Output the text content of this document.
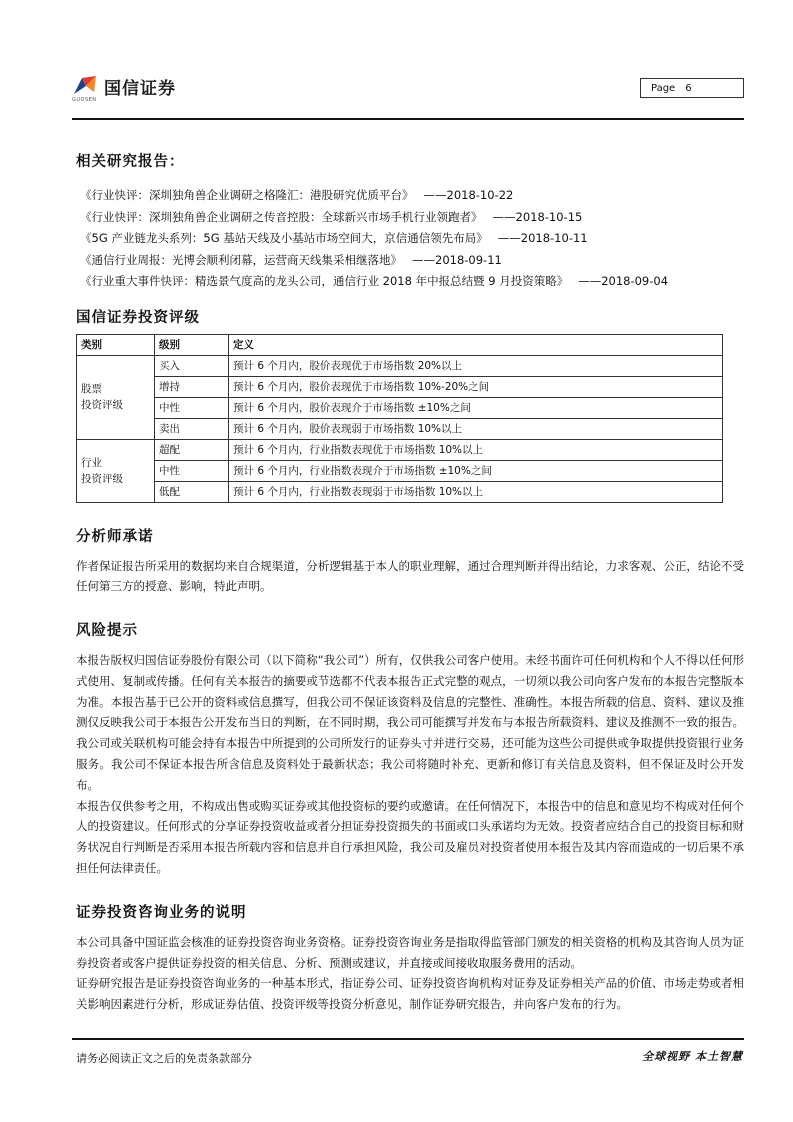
国信证券
GUOSEN
Page 6
相关研究报告：
《行业快评：深圳独角兽企业调研之格隆汇：港股研究优质平台》 ——2018-10-22
《行业快评：深圳独角兽企业调研之传音控股：全球新兴市场手机行业领跑者》 ——2018-10-15
《5G 产业链龙头系列：5G 基站天线及小基站市场空间大，京信通信领先布局》 ——2018-10-11
《通信行业周报：光博会顺利闭幕，运营商天线集采相继落地》 ——2018-09-11
《行业重大事件快评：精选景气度高的龙头公司，通信行业 2018 年中报总结暨 9 月投资策略》 ——2018-09-04
国信证券投资评级
类别	级别	定义
股票
投资评级	买入	预计 6 个月内，股价表现优于市场指数 20%以上
	增持	预计 6 个月内，股价表现优于市场指数 10%-20%之间
	中性	预计 6 个月内，股价表现介于市场指数 ±10%之间
	卖出	预计 6 个月内，股价表现弱于市场指数 10%以上
行业
投资评级	超配	预计 6 个月内，行业指数表现优于市场指数 10%以上
	中性	预计 6 个月内，行业指数表现介于市场指数 ±10%之间
	低配	预计 6 个月内，行业指数表现弱于市场指数 10%以上
分析师承诺

作者保证报告所采用的数据均来自合规渠道，分析逻辑基于本人的职业理解，通过合理判断并得出结论，力求客观、公正，结论不受任何第三方的授意、影响，特此声明。

风险提示

本报告版权归国信证券股份有限公司（以下简称“我公司”）所有，仅供我公司客户使用。未经书面许可任何机构和个人不得以任何形式使用、复制或传播。任何有关本报告的摘要或节选都不代表本报告正式完整的观点，一切须以我公司向客户发布的本报告完整版本为准。本报告基于已公开的资料或信息撰写，但我公司不保证该资料及信息的完整性、准确性。本报告所载的信息、资料、建议及推测仅反映我公司于本报告公开发布当日的判断，在不同时期，我公司可能撰写并发布与本报告所载资料、建议及推测不一致的报告。我公司或关联机构可能会持有本报告中所提到的公司所发行的证券头寸并进行交易，还可能为这些公司提供或争取提供投资银行业务服务。我公司不保证本报告所含信息及资料处于最新状态；我公司将随时补充、更新和修订有关信息及资料，但不保证及时公开发布。

本报告仅供参考之用，不构成出售或购买证券或其他投资标的要约或邀请。在任何情况下，本报告中的信息和意见均不构成对任何个人的投资建议。任何形式的分享证券投资收益或者分担证券投资损失的书面或口头承诺均为无效。投资者应结合自己的投资目标和财务状况自行判断是否采用本报告所载内容和信息并自行承担风险，我公司及雇员对投资者使用本报告及其内容而造成的一切后果不承担任何法律责任。

证券投资咨询业务的说明

本公司具备中国证监会核准的证券投资咨询业务资格。证券投资咨询业务是指取得监管部门颁发的相关资格的机构及其咨询人员为证券投资者或客户提供证券投资的相关信息、分析、预测或建议，并直接或间接收取服务费用的活动。

证券研究报告是证券投资咨询业务的一种基本形式，指证券公司、证券投资咨询机构对证券及证券相关产品的价值、市场走势或者相关影响因素进行分析，形成证券估值、投资评级等投资分析意见，制作证券研究报告，并向客户发布的行为。

请务必阅读正文之后的免责条款部分	全球视野 本土智慧
